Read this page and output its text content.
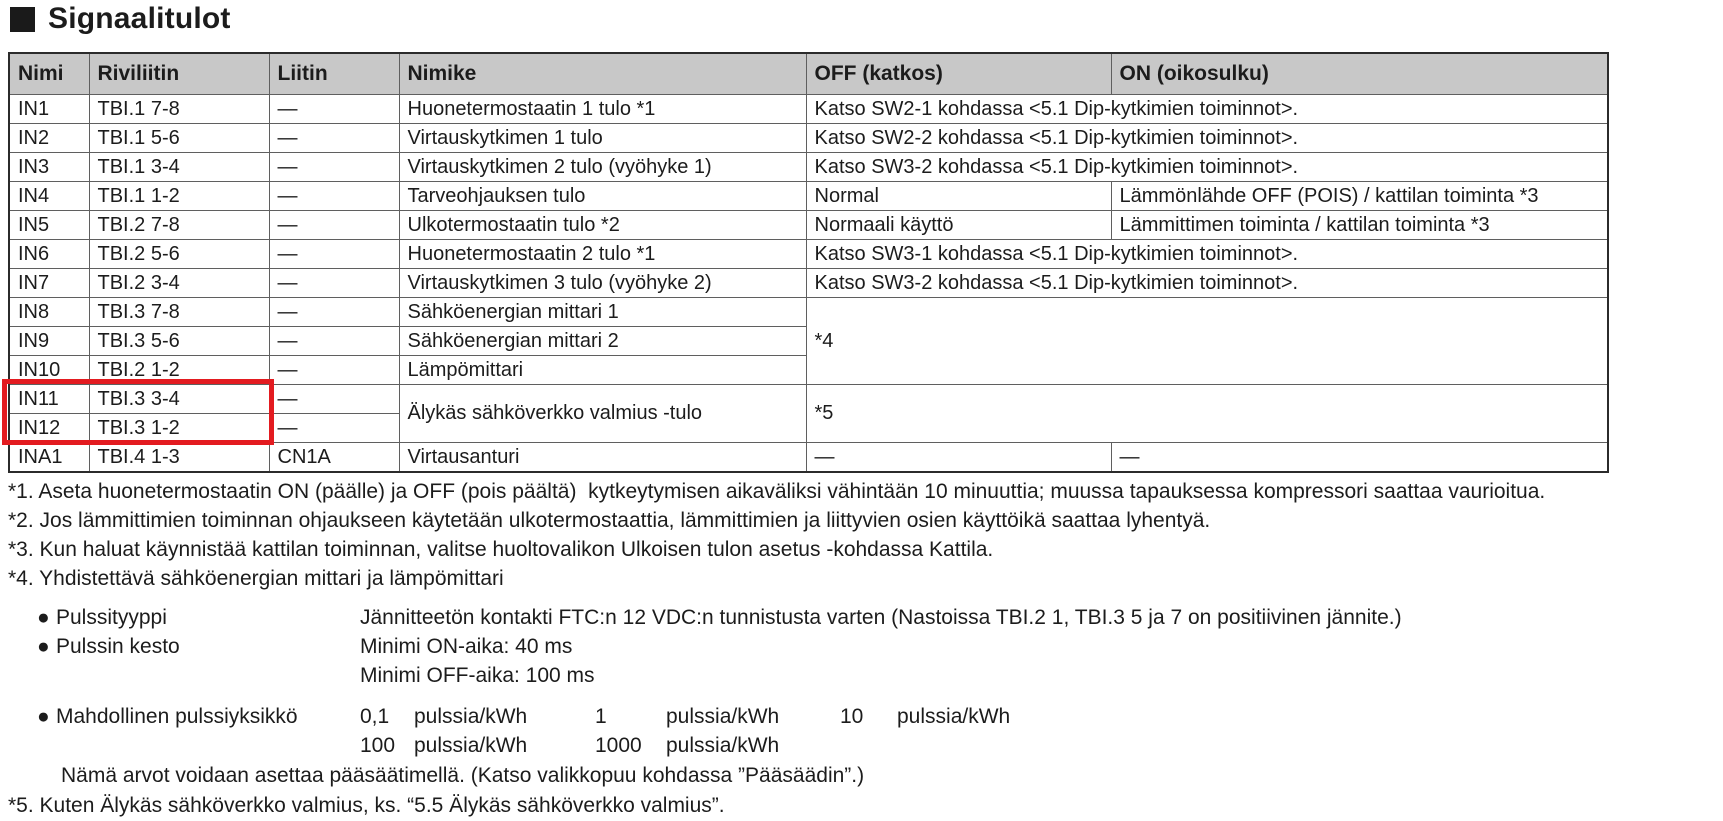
Signaalitulot
Nimi	Riviliitin	Liitin	Nimike	OFF (katkos)	ON (oikosulku)
IN1	TBI.1 7-8	—	Huonetermostaatin 1 tulo *1	Katso SW2-1 kohdassa <5.1 Dip-kytkimien toiminnot>.	
IN2	TBI.1 5-6	—	Virtauskytkimen 1 tulo	Katso SW2-2 kohdassa <5.1 Dip-kytkimien toiminnot>.	
IN3	TBI.1 3-4	—	Virtauskytkimen 2 tulo (vyöhyke 1)	Katso SW3-2 kohdassa <5.1 Dip-kytkimien toiminnot>.	
IN4	TBI.1 1-2	—	Tarveohjauksen tulo	Normal	Lämmönlähde OFF (POIS) / kattilan toiminta *3
IN5	TBI.2 7-8	—	Ulkotermostaatin tulo *2	Normaali käyttö	Lämmittimen toiminta / kattilan toiminta *3
IN6	TBI.2 5-6	—	Huonetermostaatin 2 tulo *1	Katso SW3-1 kohdassa <5.1 Dip-kytkimien toiminnot>.	
IN7	TBI.2 3-4	—	Virtauskytkimen 3 tulo (vyöhyke 2)	Katso SW3-2 kohdassa <5.1 Dip-kytkimien toiminnot>.	
IN8	TBI.3 7-8	—	Sähköenergian mittari 1	*4	
IN9	TBI.3 5-6	—	Sähköenergian mittari 2		
IN10	TBI.2 1-2	—	Lämpömittari		
IN11	TBI.3 3-4	—	Älykäs sähköverkko valmius -tulo	*5	
IN12	TBI.3 1-2	—			
INA1	TBI.4 1-3	CN1A	Virtausanturi	—	—
*1. Aseta huonetermostaatin ON (päälle) ja OFF (pois päältä)  kytkeytymisen aikaväliksi vähintään 10 minuuttia; muussa tapauksessa kompressori saattaa vaurioitua.
*2. Jos lämmittimien toiminnan ohjaukseen käytetään ulkotermostaattia, lämmittimien ja liittyvien osien käyttöikä saattaa lyhentyä.
*3. Kun haluat käynnistää kattilan toiminnan, valitse huoltovalikon Ulkoisen tulon asetus -kohdassa Kattila.
*4. Yhdistettävä sähköenergian mittari ja lämpömittari
● Pulssityyppi	Jännitteetön kontakti FTC:n 12 VDC:n tunnistusta varten (Nastoissa TBI.2 1, TBI.3 5 ja 7 on positiivinen jännite.)
● Pulssin kesto	Minimi ON-aika: 40 ms
Minimi OFF-aika: 100 ms
● Mahdollinen pulssiyksikkö	0,1	pulssia/kWh	1	pulssia/kWh	10	pulssia/kWh
100 pulssia/kWh	1000	pulssia/kWh
Nämä arvot voidaan asettaa pääsäätimellä. (Katso valikkopuu kohdassa ”Pääsäädin”.)
*5. Kuten Älykäs sähköverkko valmius, ks. “5.5 Älykäs sähköverkko valmius”.
